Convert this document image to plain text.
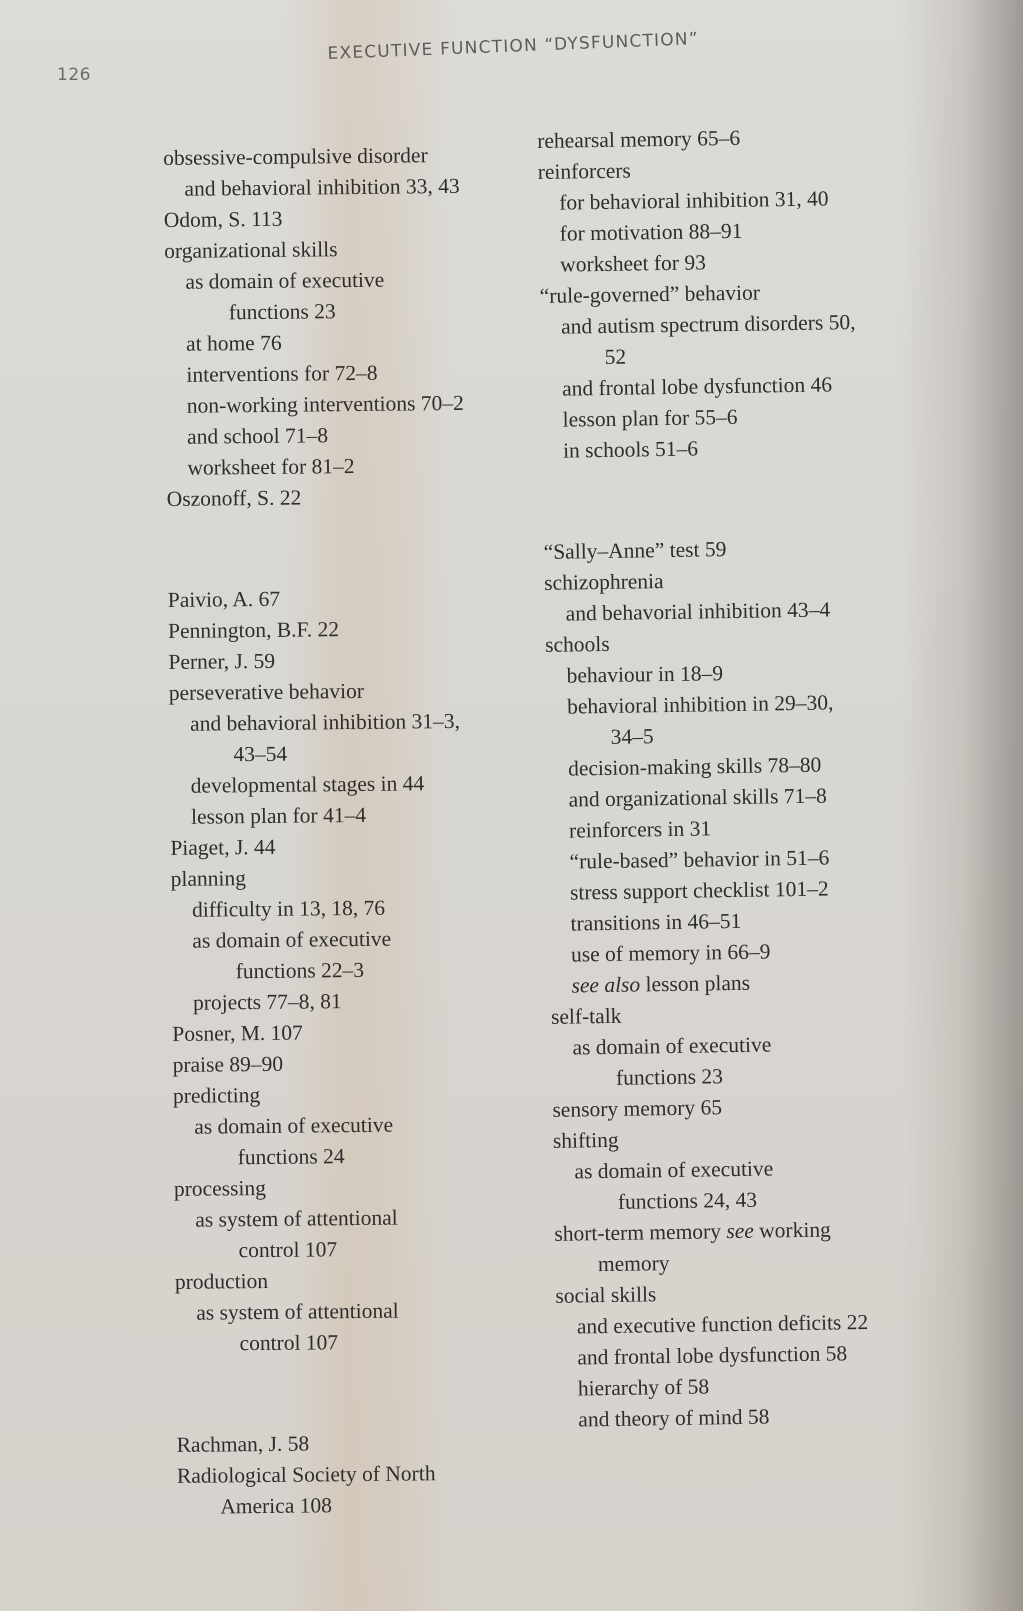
126
EXECUTIVE FUNCTION “DYSFUNCTION”
obsessive-compulsive disorder
and behavioral inhibition 33, 43
Odom, S. 113
organizational skills
as domain of executive
functions 23
at home 76
interventions for 72–8
non-working interventions 70–2
and school 71–8
worksheet for 81–2
Oszonoff, S. 22
Paivio, A. 67
Pennington, B.F. 22
Perner, J. 59
perseverative behavior
and behavioral inhibition 31–3,
43–54
developmental stages in 44
lesson plan for 41–4
Piaget, J. 44
planning
difficulty in 13, 18, 76
as domain of executive
functions 22–3
projects 77–8, 81
Posner, M. 107
praise 89–90
predicting
as domain of executive
functions 24
processing
as system of attentional
control 107
production
as system of attentional
control 107
Rachman, J. 58
Radiological Society of North
America 108
rehearsal memory 65–6
reinforcers
for behavioral inhibition 31, 40
for motivation 88–91
worksheet for 93
“rule-governed” behavior
and autism spectrum disorders 50,
52
and frontal lobe dysfunction 46
lesson plan for 55–6
in schools 51–6
“Sally–Anne” test 59
schizophrenia
and behavorial inhibition 43–4
schools
behaviour in 18–9
behavioral inhibition in 29–30,
34–5
decision-making skills 78–80
and organizational skills 71–8
reinforcers in 31
“rule-based” behavior in 51–6
stress support checklist 101–2
transitions in 46–51
use of memory in 66–9
see also lesson plans
self-talk
as domain of executive
functions 23
sensory memory 65
shifting
as domain of executive
functions 24, 43
short-term memory see working
memory
social skills
and executive function deficits 22
and frontal lobe dysfunction 58
hierarchy of 58
and theory of mind 58
